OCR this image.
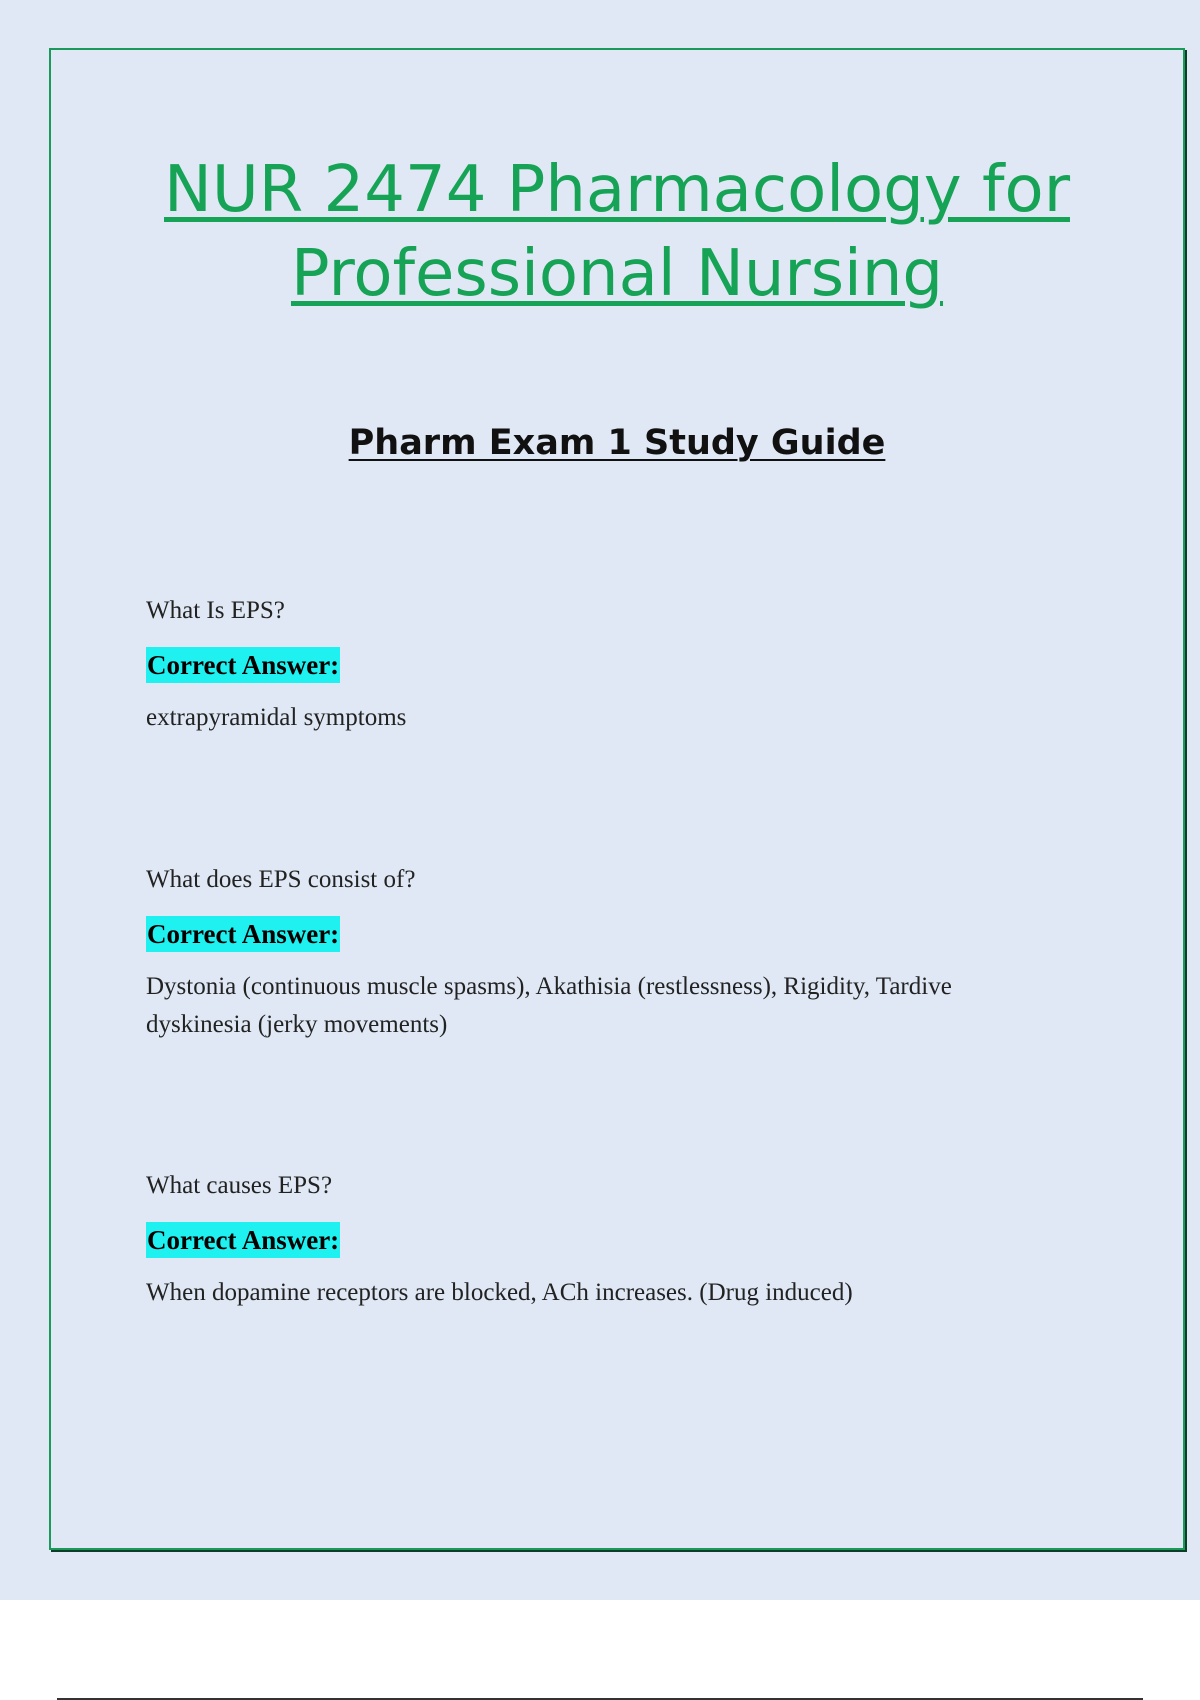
NUR 2474 Pharmacology for Professional Nursing
Pharm Exam 1 Study Guide

What Is EPS?

Correct Answer:

extrapyramidal symptoms

What does EPS consist of?

Correct Answer:

Dystonia (continuous muscle spasms), Akathisia (restlessness), Rigidity, Tardive dyskinesia (jerky movements)

What causes EPS?

Correct Answer:

When dopamine receptors are blocked, ACh increases. (Drug induced)
